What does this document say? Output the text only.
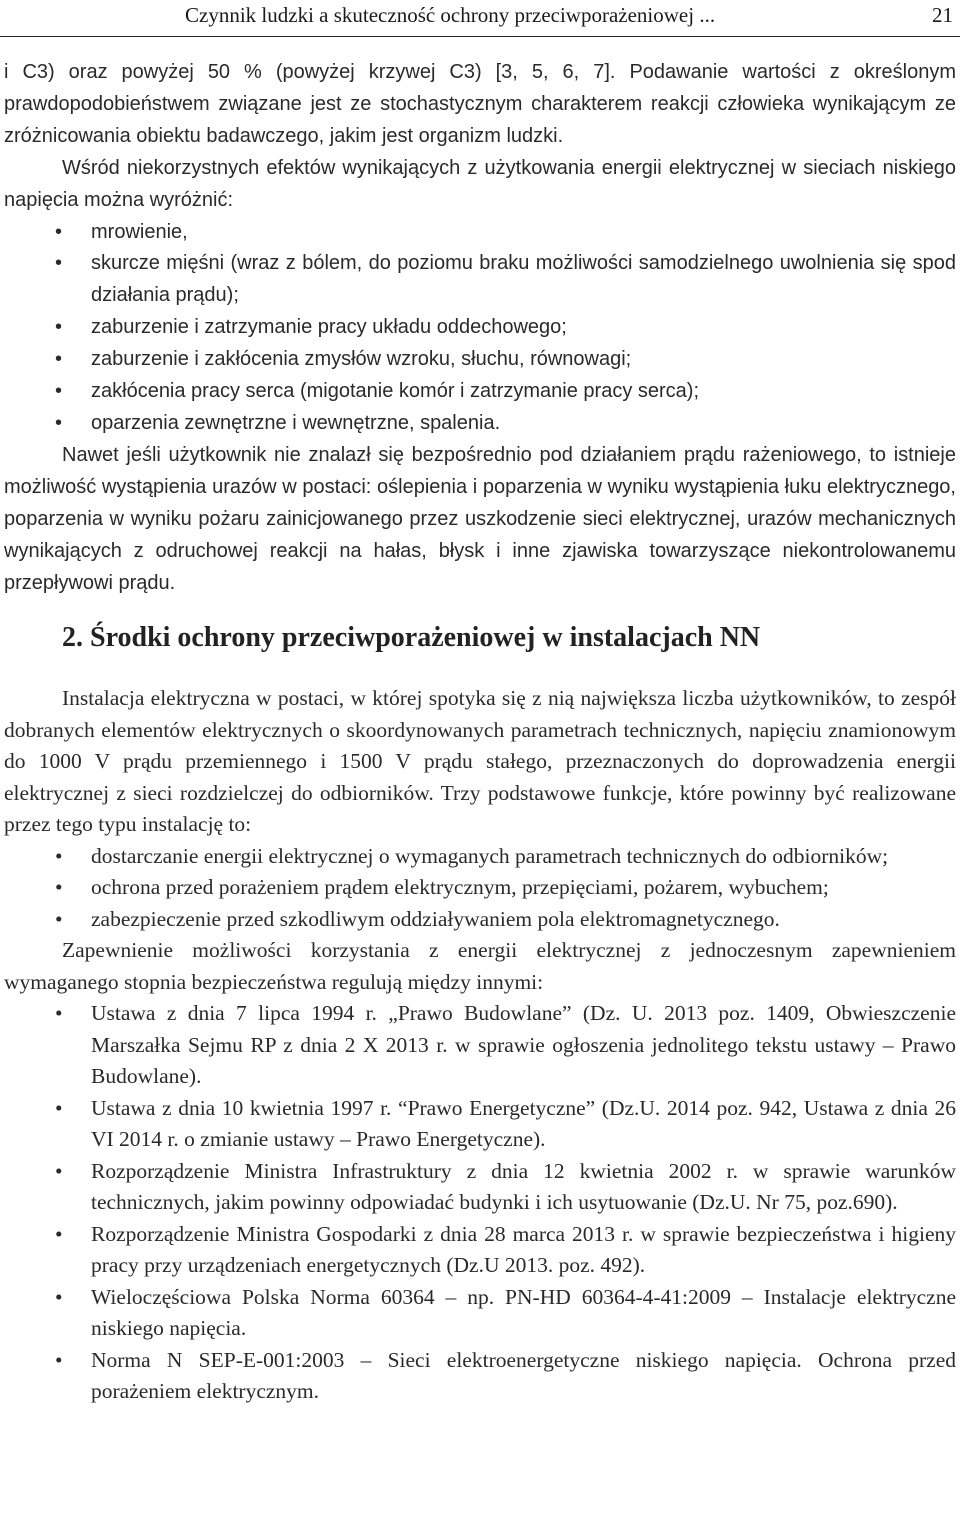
Czynnik ludzki a skuteczność ochrony przeciwporażeniowej ...	21

i C3) oraz powyżej 50 % (powyżej krzywej C3) [3, 5, 6, 7]. Podawanie wartości z określonym prawdopodobieństwem związane jest ze stochastycznym charakterem reakcji człowieka wynikającym ze zróżnicowania obiektu badawczego, jakim jest organizm ludzki.

Wśród niekorzystnych efektów wynikających z użytkowania energii elektrycznej w sieciach niskiego napięcia można wyróżnić:

• mrowienie,
• skurcze mięśni (wraz z bólem, do poziomu braku możliwości samodzielnego uwolnienia się spod działania prądu);
• zaburzenie i zatrzymanie pracy układu oddechowego;
• zaburzenie i zakłócenia zmysłów wzroku, słuchu, równowagi;
• zakłócenia pracy serca (migotanie komór i zatrzymanie pracy serca);
• oparzenia zewnętrzne i wewnętrzne, spalenia.

Nawet jeśli użytkownik nie znalazł się bezpośrednio pod działaniem prądu rażeniowego, to istnieje możliwość wystąpienia urazów w postaci: oślepienia i poparzenia w wyniku wystąpienia łuku elektrycznego, poparzenia w wyniku pożaru zainicjowanego przez uszkodzenie sieci elektrycznej, urazów mechanicznych wynikających z odruchowej reakcji na hałas, błysk i inne zjawiska towarzyszące niekontrolowanemu przepływowi prądu.

2. Środki ochrony przeciwporażeniowej w instalacjach NN

Instalacja elektryczna w postaci, w której spotyka się z nią największa liczba użytkowników, to zespół dobranych elementów elektrycznych o skoordynowanych parametrach technicznych, napięciu znamionowym do 1000 V prądu przemiennego i 1500 V prądu stałego, przeznaczonych do doprowadzenia energii elektrycznej z sieci rozdzielczej do odbiorników. Trzy podstawowe funkcje, które powinny być realizowane przez tego typu instalację to:

• dostarczanie energii elektrycznej o wymaganych parametrach technicznych do odbiorników;
• ochrona przed porażeniem prądem elektrycznym, przepięciami, pożarem, wybuchem;
• zabezpieczenie przed szkodliwym oddziaływaniem pola elektromagnetycznego.

Zapewnienie możliwości korzystania z energii elektrycznej z jednoczesnym zapewnieniem wymaganego stopnia bezpieczeństwa regulują między innymi:

• Ustawa z dnia 7 lipca 1994 r. „Prawo Budowlane” (Dz. U. 2013 poz. 1409, Obwieszczenie Marszałka Sejmu RP z dnia 2 X 2013 r. w sprawie ogłoszenia jednolitego tekstu ustawy – Prawo Budowlane).
• Ustawa z dnia 10 kwietnia 1997 r. “Prawo Energetyczne” (Dz.U. 2014 poz. 942, Ustawa z dnia 26 VI 2014 r. o zmianie ustawy – Prawo Energetyczne).
• Rozporządzenie Ministra Infrastruktury z dnia 12 kwietnia 2002 r. w sprawie warunków technicznych, jakim powinny odpowiadać budynki i ich usytuowanie (Dz.U. Nr 75, poz.690).
• Rozporządzenie Ministra Gospodarki z dnia 28 marca 2013 r. w sprawie bezpieczeństwa i higieny pracy przy urządzeniach energetycznych (Dz.U 2013. poz. 492).
• Wieloczęściowa Polska Norma 60364 – np. PN-HD 60364-4-41:2009 – Instalacje elektryczne niskiego napięcia.
• Norma N SEP-E-001:2003 – Sieci elektroenergetyczne niskiego napięcia. Ochrona przed porażeniem elektrycznym.
